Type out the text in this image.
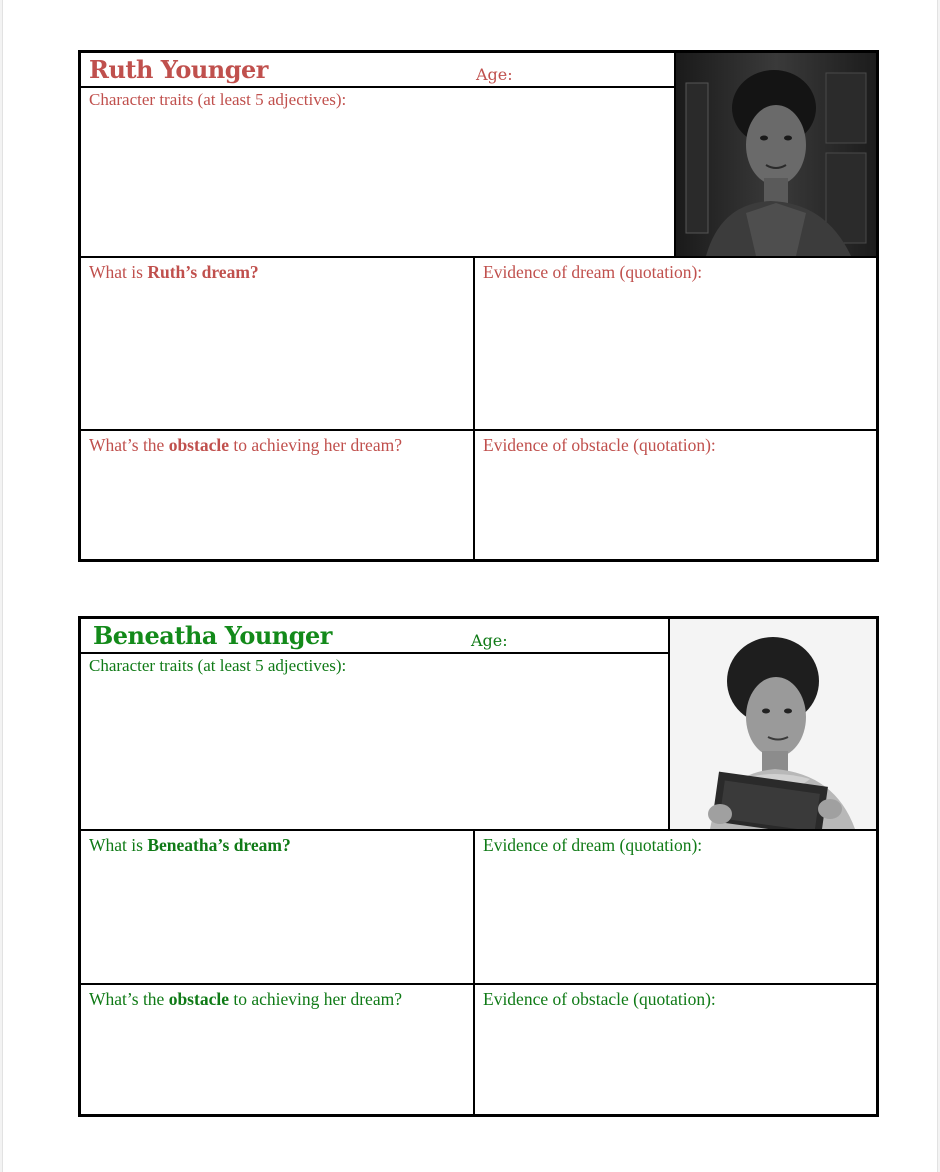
Ruth Younger	Age:
Character traits (at least 5 adjectives):
What is Ruth’s dream?	Evidence of dream (quotation):
What’s the obstacle to achieving her dream?	Evidence of obstacle (quotation):
Beneatha Younger	Age:
Character traits (at least 5 adjectives):
What is Beneatha’s dream?	Evidence of dream (quotation):
What’s the obstacle to achieving her dream?	Evidence of obstacle (quotation):
